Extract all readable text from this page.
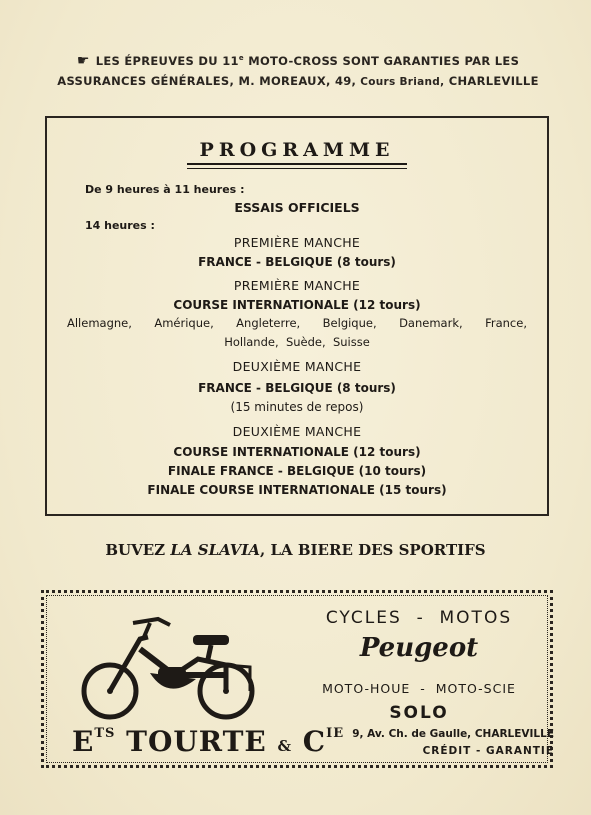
☛ LES ÉPREUVES DU 11e MOTO-CROSS SONT GARANTIES PAR LES
ASSURANCES GÉNÉRALES, M. MOREAUX, 49, Cours Briand, CHARLEVILLE
PROGRAMME
De 9 heures à 11 heures :
ESSAIS OFFICIELS
14 heures :
PREMIÈRE MANCHE
FRANCE - BELGIQUE (8 tours)
PREMIÈRE MANCHE
COURSE INTERNATIONALE (12 tours)
Allemagne, Amérique, Angleterre, Belgique, Danemark, France,
Hollande,  Suède,  Suisse
DEUXIÈME MANCHE
FRANCE - BELGIQUE (8 tours)
(15 minutes de repos)
DEUXIÈME MANCHE
COURSE INTERNATIONALE (12 tours)
FINALE FRANCE - BELGIQUE (10 tours)
FINALE COURSE INTERNATIONALE (15 tours)
BUVEZ LA SLAVIA, LA BIERE DES SPORTIFS
CYCLES  -  MOTOS
Peugeot
MOTO-HOUE  -  MOTO-SCIE
SOLO
$E^{TS}$ TOURTE & $C^{IE}$ 9, Av. Ch. de Gaulle, CHARLEVILLE
CRÉDIT - GARANTIE
